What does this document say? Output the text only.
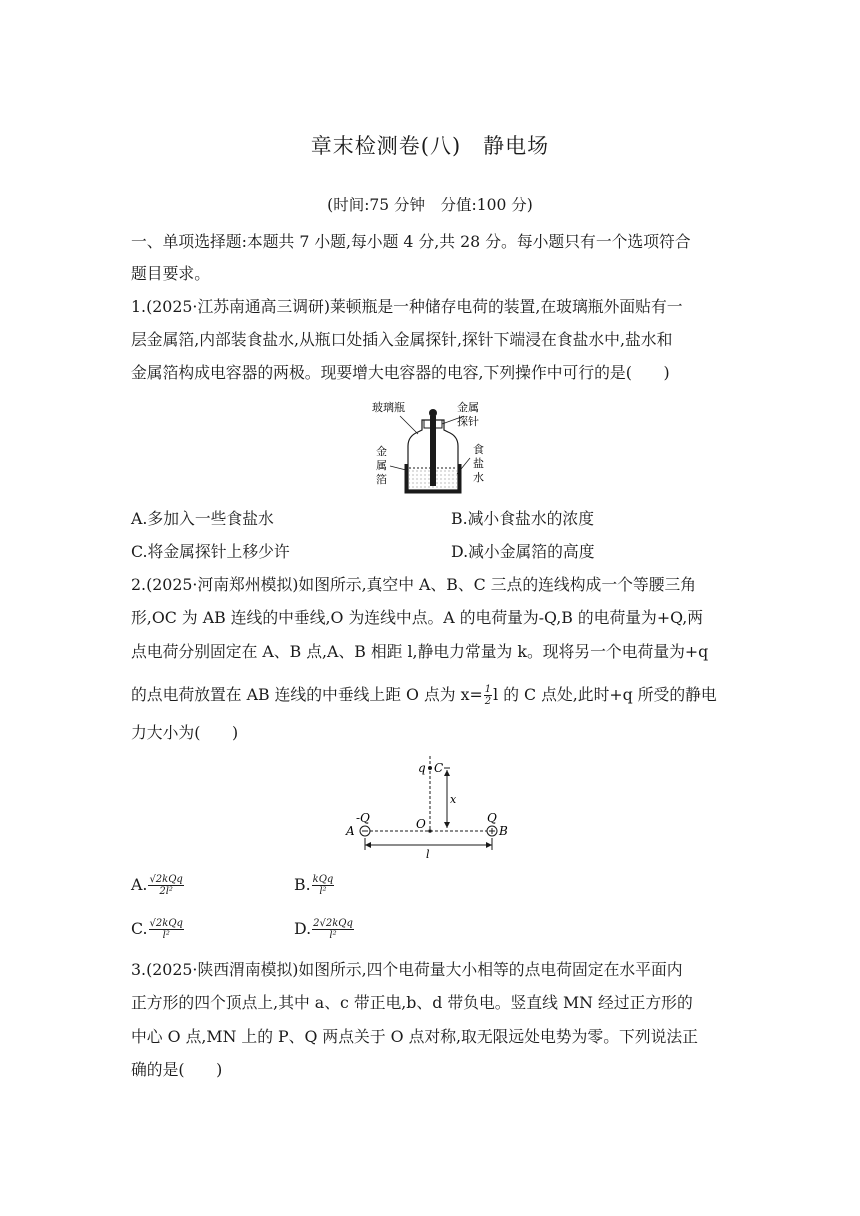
章末检测卷(八)　静电场
(时间:75 分钟　分值:100 分)
一、单项选择题:本题共 7 小题,每小题 4 分,共 28 分。每小题只有一个选项符合
题目要求。
1.(2025·江苏南通高三调研)莱顿瓶是一种储存电荷的装置,在玻璃瓶外面贴有一
层金属箔,内部装食盐水,从瓶口处插入金属探针,探针下端浸在食盐水中,盐水和
金属箔构成电容器的两极。现要增大电容器的电容,下列操作中可行的是(　　)
玻璃瓶	金属
探针
金
属
箔
食
盐
水
A.多加入一些食盐水	B.减小食盐水的浓度
C.将金属探针上移少许	D.减小金属箔的高度
2.(2025·河南郑州模拟)如图所示,真空中 A、B、C 三点的连线构成一个等腰三角
形,OC 为 AB 连线的中垂线,O 为连线中点。A 的电荷量为-Q,B 的电荷量为+Q,两
点电荷分别固定在 A、B 点,A、B 相距 l,静电力常量为 k。现将另一个电荷量为+q
的点电荷放置在 AB 连线的中垂线上距 O 点为 $x= \frac{1}{2}$ l 的 C 点处,此时+q 所受的静电
力大小为(　　)
q C
x
-Q
A	O	Q
B
l
A. $\frac{\text{√2kQq}}{\text{2l²}}$	B. $\frac{\text{kQq}}{\text{l²}}$
C. $\frac{\text{√2kQq}}{\text{l²}}$	D. $\frac{\text{2√2kQq}}{\text{l²}}$
3.(2025·陕西渭南模拟)如图所示,四个电荷量大小相等的点电荷固定在水平面内
正方形的四个顶点上,其中 a、c 带正电,b、d 带负电。竖直线 MN 经过正方形的
中心 O 点,MN 上的 P、Q 两点关于 O 点对称,取无限远处电势为零。下列说法正
确的是(　　)
